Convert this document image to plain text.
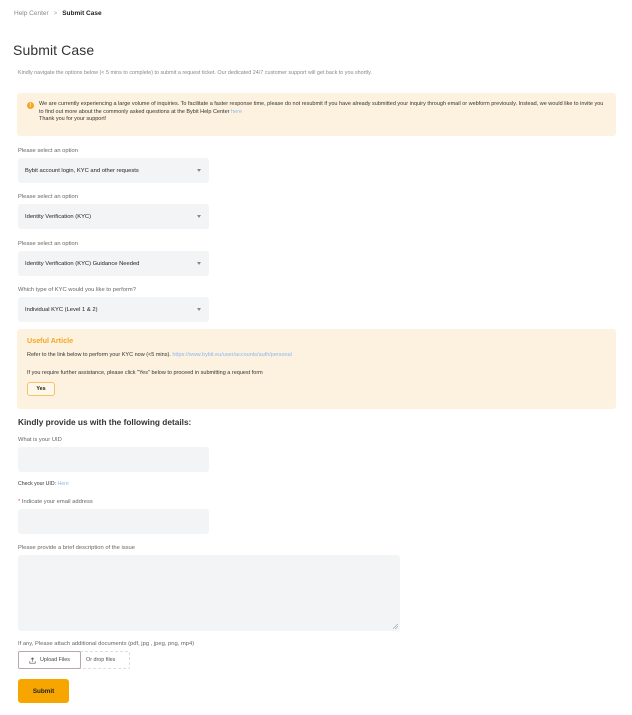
Help Center > Submit Case
Submit Case

Kindly navigate the options below (< 5 mins to complete) to submit a request ticket. Our dedicated 24/7 customer support will get back to you shortly.

!	We are currently experiencing a large volume of inquiries. To facilitate a faster response time, please do not resubmit if you have already submitted your inquiry through email or webform previously. Instead, we would like to invite you to find out more about the commonly asked questions at the Bybit Help Center here
Thank you for your support!
Please select an option
Bybit account login, KYC and other requests
Please select an option
Identity Verification (KYC)
Please select an option
Identity Verification (KYC) Guidance Needed
Which type of KYC would you like to perform?
Individual KYC (Level 1 & 2)
Useful Article
Refer to the link below to perform your KYC now (<5 mins). https://www.bybit.eu/user/accounts/auth/personal
If you require further assistance, please click "Yes" below to proceed in submitting a request form
Yes
Kindly provide us with the following details:
What is your UID
Check your UID: Here
* Indicate your email address
Please provide a brief description of the issue
If any, Please attach additional documents (pdf, jpg , jpeg, png, mp4)
Upload Files	Or drop files
Submit
